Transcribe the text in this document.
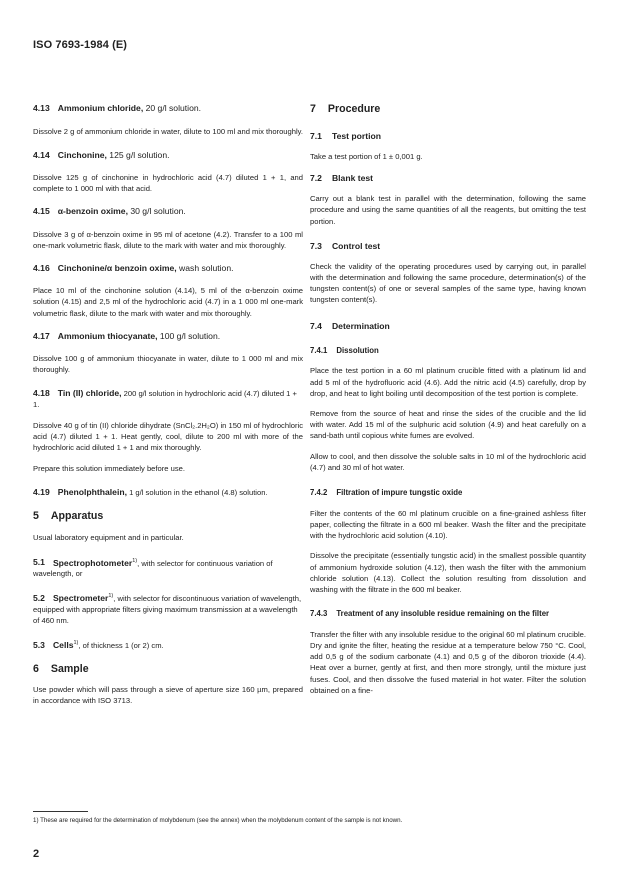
ISO 7693-1984 (E)
4.13 Ammonium chloride, 20 g/l solution.

Dissolve 2 g of ammonium chloride in water, dilute to 100 ml and mix thoroughly.

4.14 Cinchonine, 125 g/l solution.

Dissolve 125 g of cinchonine in hydrochloric acid (4.7) diluted 1 + 1, and complete to 1 000 ml with that acid.

4.15 α-benzoin oxime, 30 g/l solution.

Dissolve 3 g of α-benzoin oxime in 95 ml of acetone (4.2). Transfer to a 100 ml one-mark volumetric flask, dilute to the mark with water and mix thoroughly.

4.16 Cinchonine/α benzoin oxime, wash solution.

Place 10 ml of the cinchonine solution (4.14), 5 ml of the α-benzoin oxime solution (4.15) and 2,5 ml of the hydrochloric acid (4.7) in a 1 000 ml one-mark volumetric flask, dilute to the mark with water and mix thoroughly.

4.17 Ammonium thiocyanate, 100 g/l solution.

Dissolve 100 g of ammonium thiocyanate in water, dilute to 1 000 ml and mix thoroughly.

4.18 Tin (II) chloride, 200 g/l solution in hydrochloric acid (4.7) diluted 1 + 1.

Dissolve 40 g of tin (II) chloride dihydrate (SnCl₂.2H₂O) in 150 ml of hydrochloric acid (4.7) diluted 1 + 1. Heat gently, cool, dilute to 200 ml with more of the hydrochloric acid diluted 1 + 1 and mix thoroughly.

Prepare this solution immediately before use.

4.19 Phenolphthalein, 1 g/l solution in the ethanol (4.8) solution.
5 Apparatus

Usual laboratory equipment and in particular.

5.1 Spectrophotometer$^{1)}$, with selector for continuous variation of wavelength, or
5.2 Spectrometer$^{1)}$, with selector for discontinuous variation of wavelength, equipped with appropriate filters giving maximum transmission at a wavelength of 460 nm.
5.3 Cells$^{1)}$, of thickness 1 (or 2) cm.
6 Sample

Use powder which will pass through a sieve of aperture size 160 µm, prepared in accordance with ISO 3713.

7 Procedure
7.1 Test portion

Take a test portion of 1 ± 0,001 g.

7.2 Blank test

Carry out a blank test in parallel with the determination, following the same procedure and using the same quantities of all the reagents, but omitting the test portion.

7.3 Control test

Check the validity of the operating procedures used by carrying out, in parallel with the determination and following the same procedure, determination(s) of the tungsten content(s) of one or several samples of the same type, having known tungsten content(s).

7.4 Determination
7.4.1 Dissolution

Place the test portion in a 60 ml platinum crucible fitted with a platinum lid and add 5 ml of the hydrofluoric acid (4.6). Add the nitric acid (4.5) carefully, drop by drop, and heat to light boiling until decomposition of the test portion is complete.

Remove from the source of heat and rinse the sides of the crucible and the lid with water. Add 15 ml of the sulphuric acid solution (4.9) and heat carefully on a sand-bath until copious white fumes are evolved.

Allow to cool, and then dissolve the soluble salts in 10 ml of the hydrochloric acid (4.7) and 30 ml of hot water.

7.4.2 Filtration of impure tungstic oxide

Filter the contents of the 60 ml platinum crucible on a fine-grained ashless filter paper, collecting the filtrate in a 600 ml beaker. Wash the filter and the precipitate with the hydrochloric acid solution (4.10).

Dissolve the precipitate (essentially tungstic acid) in the smallest possible quantity of ammonium hydroxide solution (4.12), then wash the filter with the ammonium chloride solution (4.13). Collect the solution resulting from dissolution and washing with the filtrate in the 600 ml beaker.

7.4.3 Treatment of any insoluble residue remaining on the filter

Transfer the filter with any insoluble residue to the original 60 ml platinum crucible. Dry and ignite the filter, heating the residue at a temperature below 750 °C. Cool, add 0,5 g of the sodium carbonate (4.1) and 0,5 g of the diboron trioxide (4.4). Heat over a burner, gently at first, and then more strongly, until the mixture just fuses. Cool, and then dissolve the fused material in hot water. Filter the solution obtained on a fine-

1) These are required for the determination of molybdenum (see the annex) when the molybdenum content of the sample is not known.
2
